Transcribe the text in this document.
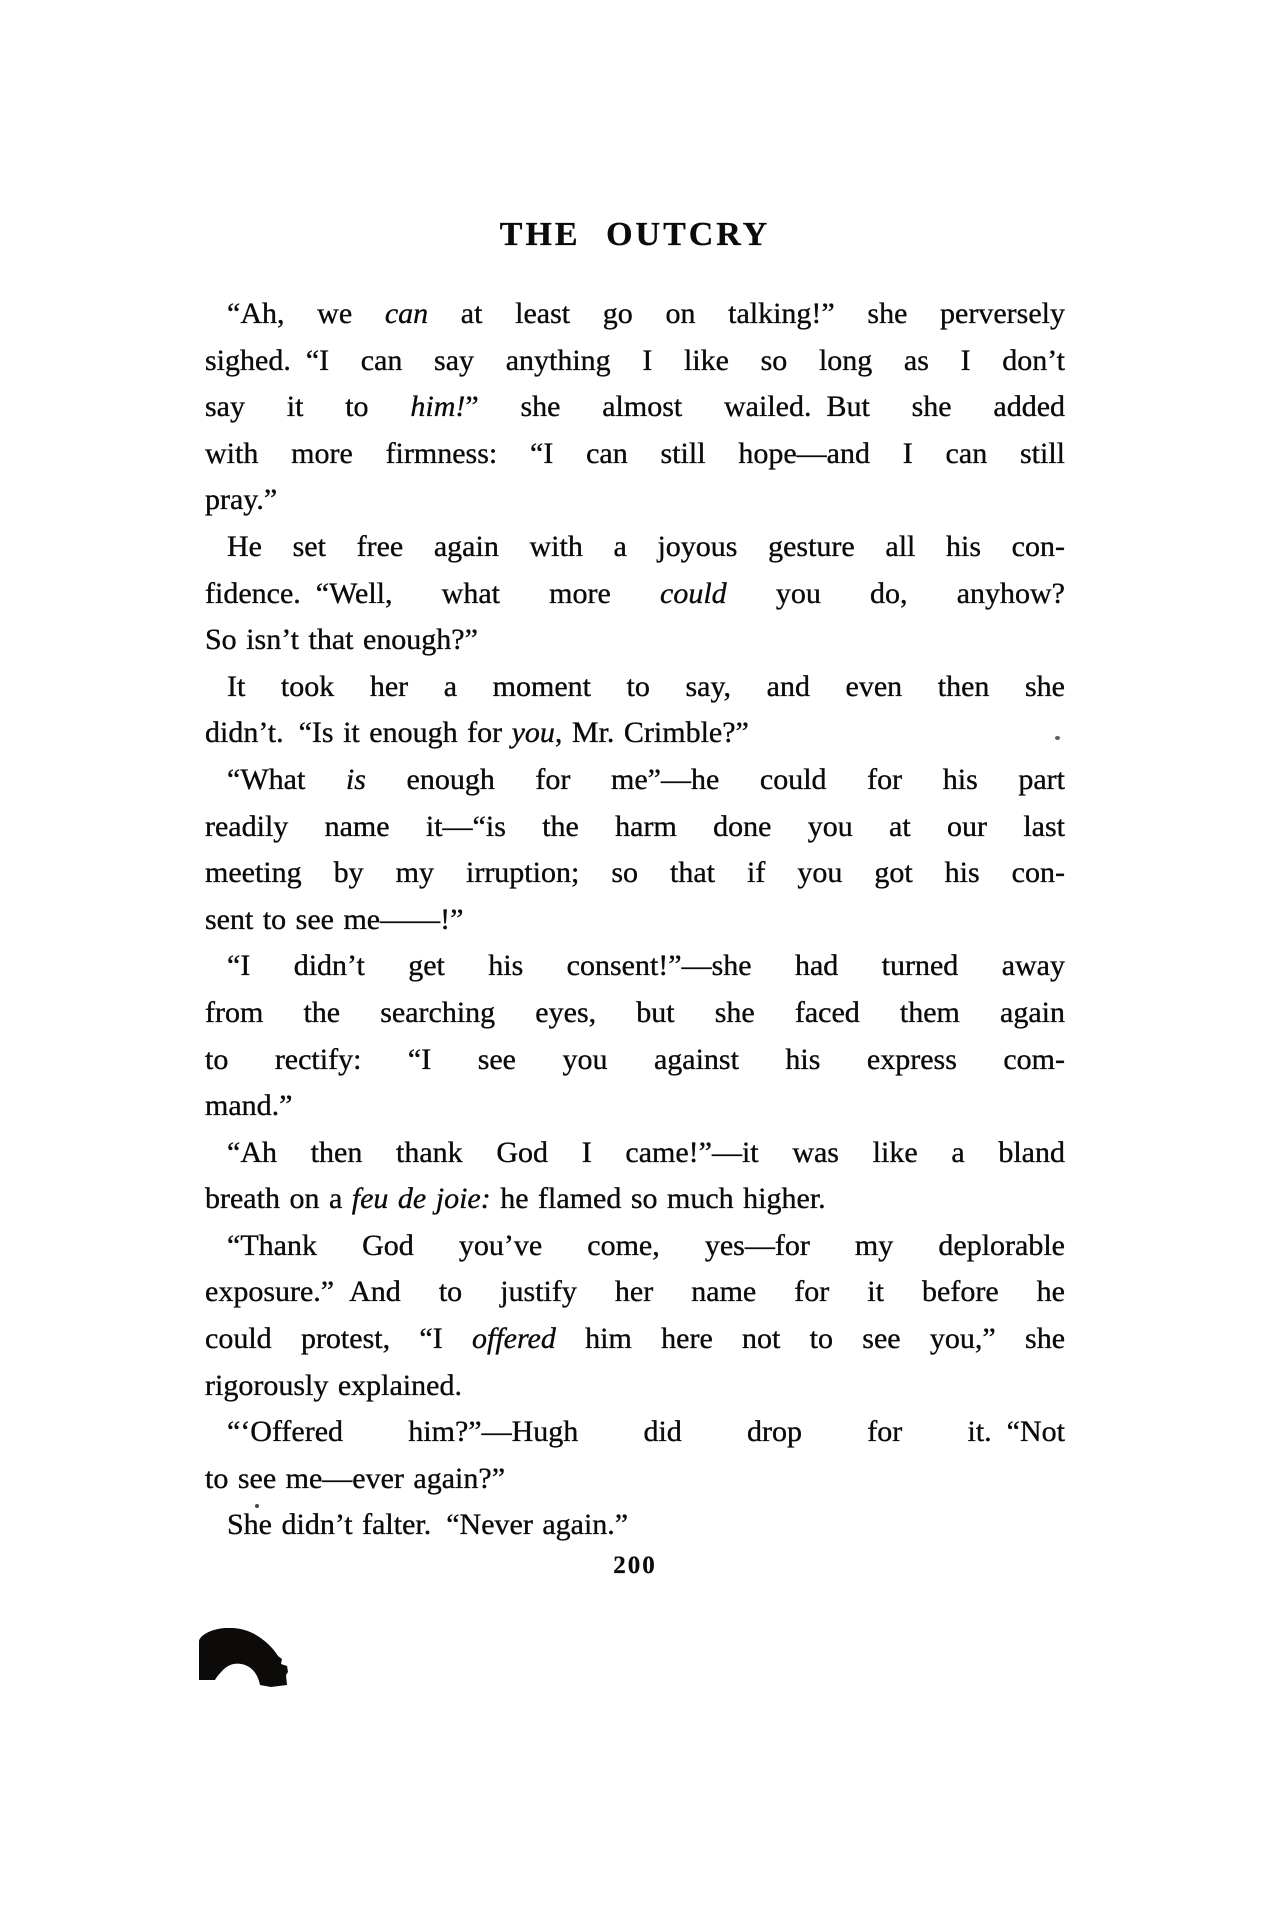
THE OUTCRY
“Ah, we can at least go on talking!” she perversely
sighed. “I can say anything I like so long as I don’t
say it to him!” she almost wailed. But she added
with more firmness: “I can still hope—and I can still
pray.”
He set free again with a joyous gesture all his con-
fidence. “Well, what more could you do, anyhow?
So isn’t that enough?”
It took her a moment to say, and even then she
didn’t. “Is it enough for you, Mr. Crimble?”
“What is enough for me”—he could for his part
readily name it—“is the harm done you at our last
meeting by my irruption; so that if you got his con-
sent to see me——!”
“I didn’t get his consent!”—she had turned away
from the searching eyes, but she faced them again
to rectify: “I see you against his express com-
mand.”
“Ah then thank God I came!”—it was like a bland
breath on a feu de joie: he flamed so much higher.
“Thank God you’ve come, yes—for my deplorable
exposure.” And to justify her name for it before he
could protest, “I offered him here not to see you,” she
rigorously explained.
“‘Offered him?”—Hugh did drop for it. “Not
to see me—ever again?”
She didn’t falter. “Never again.”
200
